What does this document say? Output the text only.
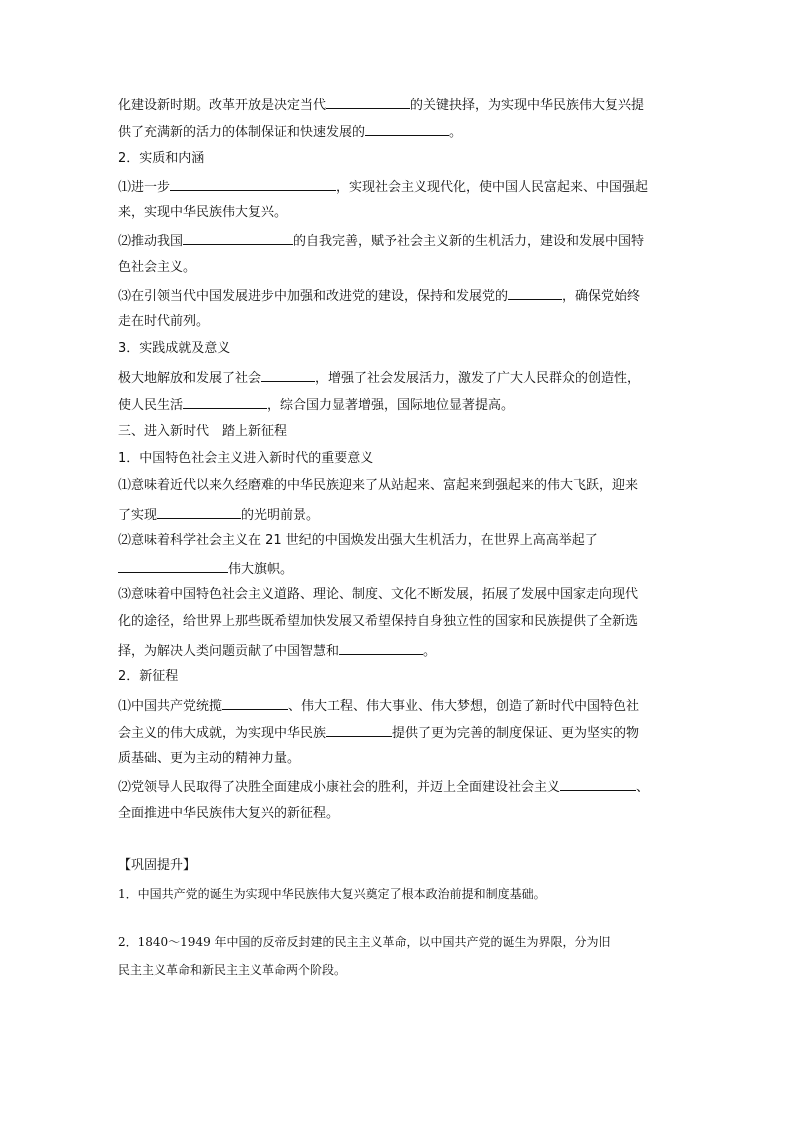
化建设新时期。改革开放是决定当代	的关键抉择，为实现中华民族伟大复兴提
供了充满新的活力的体制保证和快速发展的	。
2．实质和内涵
⑴进一步	，实现社会主义现代化，使中国人民富起来、中国强起
来，实现中华民族伟大复兴。
⑵推动我国	的自我完善，赋予社会主义新的生机活力，建设和发展中国特
色社会主义。
⑶在引领当代中国发展进步中加强和改进党的建设，保持和发展党的	，确保党始终
走在时代前列。
3．实践成就及意义
极大地解放和发展了社会	，增强了社会发展活力，激发了广大人民群众的创造性，
使人民生活	，综合国力显著增强，国际地位显著提高。
三、进入新时代　踏上新征程
1．中国特色社会主义进入新时代的重要意义
⑴意味着近代以来久经磨难的中华民族迎来了从站起来、富起来到强起来的伟大飞跃，迎来
了实现	的光明前景。
⑵意味着科学社会主义在 21 世纪的中国焕发出强大生机活力，在世界上高高举起了
伟大旗帜。
⑶意味着中国特色社会主义道路、理论、制度、文化不断发展，拓展了发展中国家走向现代
化的途径，给世界上那些既希望加快发展又希望保持自身独立性的国家和民族提供了全新选
择，为解决人类问题贡献了中国智慧和	。
2．新征程
⑴中国共产党统揽	、伟大工程、伟大事业、伟大梦想，创造了新时代中国特色社
会主义的伟大成就，为实现中华民族	提供了更为完善的制度保证、更为坚实的物
质基础、更为主动的精神力量。
⑵党领导人民取得了决胜全面建成小康社会的胜利，并迈上全面建设社会主义	、
全面推进中华民族伟大复兴的新征程。
【巩固提升】
1．中国共产党的诞生为实现中华民族伟大复兴奠定了根本政治前提和制度基础。
2．1840～1949 年中国的反帝反封建的民主主义革命，以中国共产党的诞生为界限，分为旧
民主主义革命和新民主主义革命两个阶段。
